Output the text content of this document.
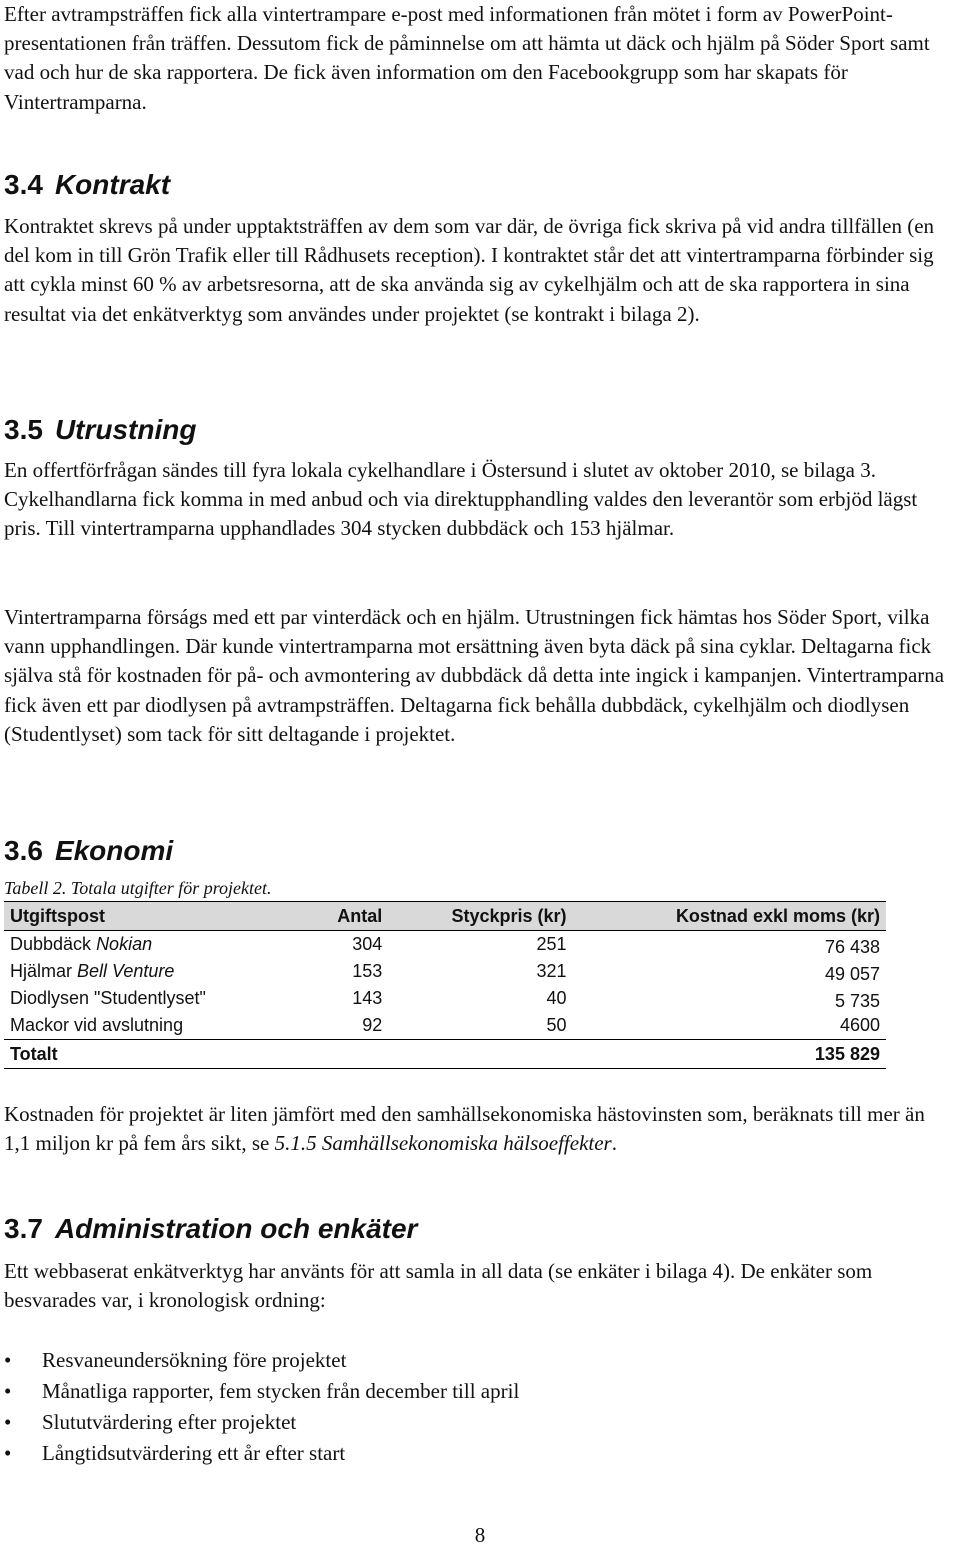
Efter avtrampsträffen fick alla vintertrampare e-post med informationen från mötet i form av PowerPoint-presentationen från träffen. Dessutom fick de påminnelse om att hämta ut däck och hjälm på Söder Sport samt vad och hur de ska rapportera. De fick även information om den Facebookgrupp som har skapats för Vintertramparna.

3.4 Kontrakt

Kontraktet skrevs på under upptaktsträffen av dem som var där, de övriga fick skriva på vid andra tillfällen (en del kom in till Grön Trafik eller till Rådhusets reception). I kontraktet står det att vintertramparna förbinder sig att cykla minst 60 % av arbetsresorna, att de ska använda sig av cykelhjälm och att de ska rapportera in sina resultat via det enkätverktyg som användes under projektet (se kontrakt i bilaga 2).

3.5 Utrustning

En offertförfrågan sändes till fyra lokala cykelhandlare i Östersund i slutet av oktober 2010, se bilaga 3. Cykelhandlarna fick komma in med anbud och via direktupphandling valdes den leverantör som erbjöd lägst pris. Till vintertramparna upphandlades 304 stycken dubbdäck och 153 hjälmar.

Vintertramparna förságs med ett par vinterdäck och en hjälm. Utrustningen fick hämtas hos Söder Sport, vilka vann upphandlingen. Där kunde vintertramparna mot ersättning även byta däck på sina cyklar. Deltagarna fick själva stå för kostnaden för på- och avmontering av dubbdäck då detta inte ingick i kampanjen. Vintertramparna fick även ett par diodlysen på avtrampsträffen. Deltagarna fick behålla dubbdäck, cykelhjälm och diodlysen (Studentlyset) som tack för sitt deltagande i projektet.

3.6 Ekonomi

Tabell 2. Totala utgifter för projektet.

Utgiftspost	Antal	Styckpris (kr)	Kostnad exkl moms (kr)
Dubbdäck Nokian	304	251	76 438
Hjälmar Bell Venture	153	321	49 057
Diodlysen "Studentlyset"	143	40	5 735
Mackor vid avslutning	92	50	4600
Totalt			135 829

Kostnaden för projektet är liten jämfört med den samhällsekonomiska hästovinsten som, beräknats till mer än 1,1 miljon kr på fem års sikt, se 5.1.5 Samhällsekonomiska hälsoeffekter.

3.7 Administration och enkäter

Ett webbaserat enkätverktyg har använts för att samla in all data (se enkäter i bilaga 4). De enkäter som besvarades var, i kronologisk ordning:

•	Resvaneundersökning före projektet
•	Månatliga rapporter, fem stycken från december till april
•	Slututvärdering efter projektet
•	Långtidsutvärdering ett år efter start
8
